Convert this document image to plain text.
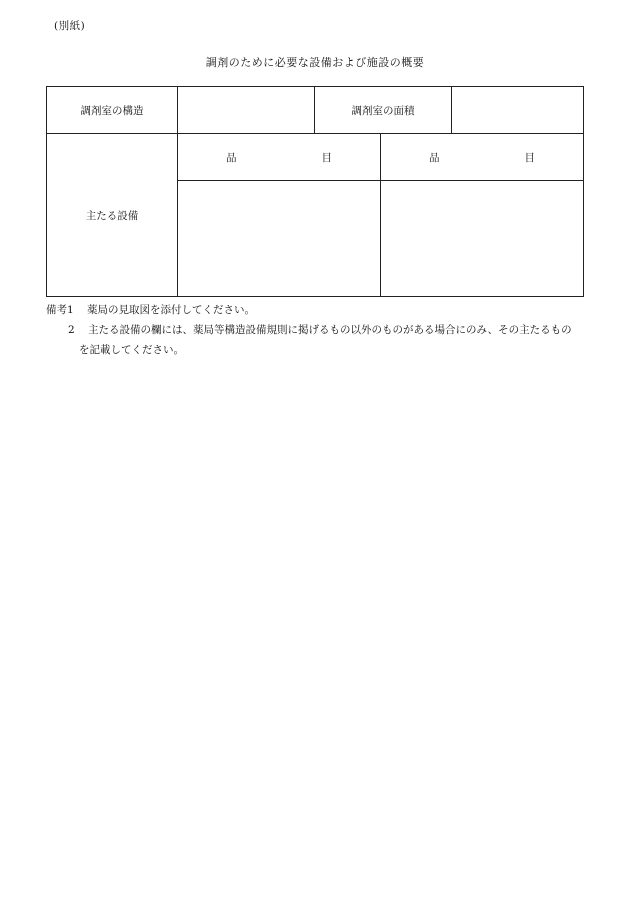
(別紙)
調剤のために必要な設備および施設の概要
調剤室の構造		調剤室の面積		
主たる設備	品 目		品 目	

備考1 薬局の見取図を添付してください。
2 主たる設備の欄には、薬局等構造設備規則に掲げるもの以外のものがある場合にのみ、その主たるもの
を記載してください。
